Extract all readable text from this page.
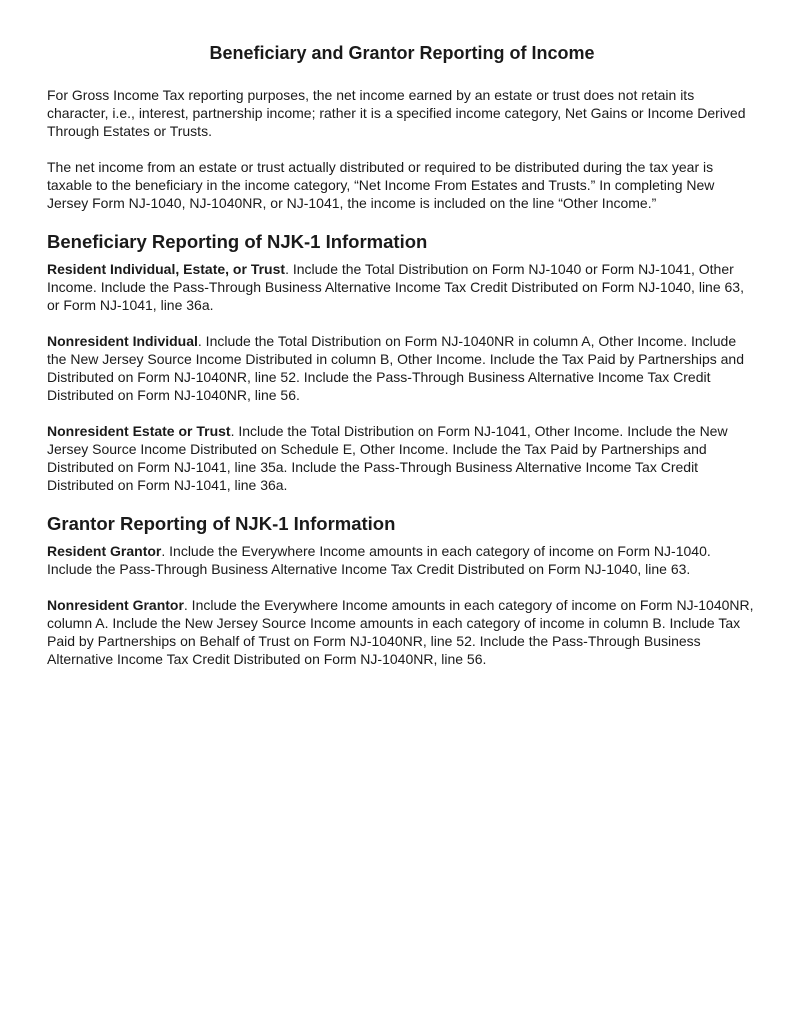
Beneficiary and Grantor Reporting of Income

For Gross Income Tax reporting purposes, the net income earned by an estate or trust does not retain its character, i.e., interest, partnership income; rather it is a specified income category, Net Gains or Income Derived Through Estates or Trusts.

The net income from an estate or trust actually distributed or required to be distributed during the tax year is taxable to the beneficiary in the income category, “Net Income From Estates and Trusts.” In completing New Jersey Form NJ-1040, NJ-1040NR, or NJ-1041, the income is included on the line “Other Income.”

Beneficiary Reporting of NJK-1 Information

Resident Individual, Estate, or Trust. Include the Total Distribution on Form NJ-1040 or Form NJ-1041, Other Income. Include the Pass-Through Business Alternative Income Tax Credit Distributed on Form NJ-1040, line 63, or Form NJ-1041, line 36a.

Nonresident Individual. Include the Total Distribution on Form NJ-1040NR in column A, Other Income. Include the New Jersey Source Income Distributed in column B, Other Income. Include the Tax Paid by Partnerships and Distributed on Form NJ-1040NR, line 52. Include the Pass-Through Business Alternative Income Tax Credit Distributed on Form NJ-1040NR, line 56.

Nonresident Estate or Trust. Include the Total Distribution on Form NJ-1041, Other Income. Include the New Jersey Source Income Distributed on Schedule E, Other Income. Include the Tax Paid by Partnerships and Distributed on Form NJ-1041, line 35a. Include the Pass-Through Business Alternative Income Tax Credit Distributed on Form NJ-1041, line 36a.

Grantor Reporting of NJK-1 Information

Resident Grantor. Include the Everywhere Income amounts in each category of income on Form NJ-1040. Include the Pass-Through Business Alternative Income Tax Credit Distributed on Form NJ-1040, line 63.

Nonresident Grantor. Include the Everywhere Income amounts in each category of income on Form NJ-1040NR, column A. Include the New Jersey Source Income amounts in each category of income in column B. Include Tax Paid by Partnerships on Behalf of Trust on Form NJ-1040NR, line 52. Include the Pass-Through Business Alternative Income Tax Credit Distributed on Form NJ-1040NR, line 56.
